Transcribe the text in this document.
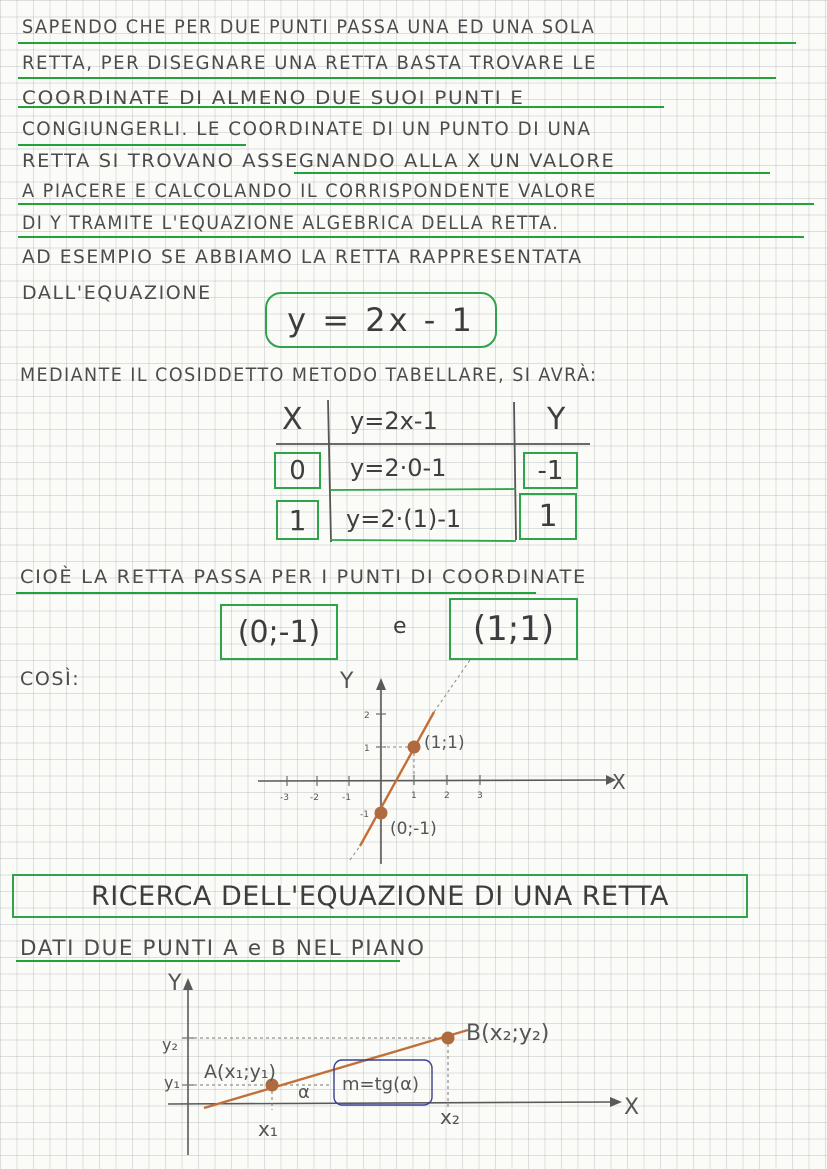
SAPENDO CHE PER DUE PUNTI PASSA UNA ED UNA SOLA
RETTA, PER DISEGNARE UNA RETTA BASTA TROVARE LE
COORDINATE DI ALMENO DUE SUOI PUNTI E
CONGIUNGERLI. LE COORDINATE DI UN PUNTO DI UNA
RETTA SI TROVANO ASSEGNANDO ALLA X UN VALORE
A PIACERE E CALCOLANDO IL CORRISPONDENTE VALORE
DI Y TRAMITE L'EQUAZIONE ALGEBRICA DELLA RETTA.
AD ESEMPIO SE ABBIAMO LA RETTA RAPPRESENTATA
DALL'EQUAZIONE
y = 2x - 1
MEDIANTE IL COSIDDETTO METODO TABELLARE, SI AVRÀ:
X y=2x-1	Y
0	y=2·0-1	-1
1	y=2·(1)-1	1
CIOÈ LA RETTA PASSA PER I PUNTI DI COORDINATE
(0;-1)	e	(1;1)
COSÌ:
X
Y
-3 -2	-1	1	2	3
2
1
-1
(1;1)
(0;-1)
RICERCA DELL'EQUAZIONE DI UNA RETTA
DATI DUE PUNTI A e B NEL PIANO
X
Y
A(x₁;y₁)
B(x₂;y₂)
y₂
y₁
x₁	x₂
α m=tg(α)
